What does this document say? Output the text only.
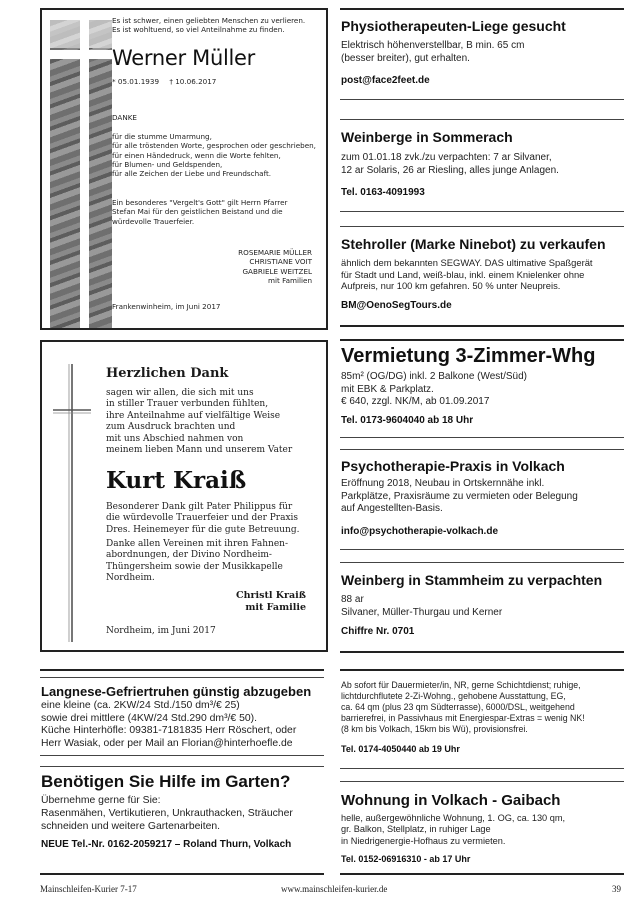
Es ist schwer, einen geliebten Menschen zu verlieren.
Es ist wohltuend, so viel Anteilnahme zu finden.
Werner Müller
* 05.01.1939 † 10.06.2017
DANKE
für die stumme Umarmung,
für alle tröstenden Worte, gesprochen oder geschrieben,
für einen Händedruck, wenn die Worte fehlten,
für Blumen- und Geldspenden,
für alle Zeichen der Liebe und Freundschaft.
Ein besonderes "Vergelt's Gott" gilt Herrn Pfarrer
Stefan Mai für den geistlichen Beistand und die
würdevolle Trauerfeier.
ROSEMARIE MÜLLER
CHRISTIANE VOIT
GABRIELE WEITZEL
mit Familien
Frankenwinheim, im Juni 2017
Herzlichen Dank
sagen wir allen, die sich mit uns
in stiller Trauer verbunden fühlten,
ihre Anteilnahme auf vielfältige Weise
zum Ausdruck brachten und
mit uns Abschied nahmen von
meinem lieben Mann und unserem Vater
Kurt Kraiß
Besonderer Dank gilt Pater Philippus für
die würdevolle Trauerfeier und der Praxis
Dres. Heinemeyer für die gute Betreuung.
Danke allen Vereinen mit ihren Fahnen-
abordnungen, der Divino Nordheim-
Thüngersheim sowie der Musikkapelle
Nordheim.
Christl Kraiß
mit Familie
Nordheim, im Juni 2017
Physiotherapeuten-Liege gesucht
Elektrisch höhenverstellbar, B min. 65 cm
(besser breiter), gut erhalten.
post@face2feet.de
Weinberge in Sommerach
zum 01.01.18 zvk./zu verpachten: 7 ar Silvaner,
12 ar Solaris, 26 ar Riesling, alles junge Anlagen.
Tel. 0163-4091993
Stehroller (Marke Ninebot) zu verkaufen
ähnlich dem bekannten SEGWAY. DAS ultimative Spaßgerät
für Stadt und Land, weiß-blau, inkl. einem Knielenker ohne
Aufpreis, nur 100 km gefahren. 50 % unter Neupreis.
BM@OenoSegTours.de
Vermietung 3-Zimmer-Whg
85m² (OG/DG) inkl. 2 Balkone (West/Süd)
mit EBK & Parkplatz.
€ 640, zzgl. NK/M, ab 01.09.2017
Tel. 0173-9604040 ab 18 Uhr
Psychotherapie-Praxis in Volkach
Eröffnung 2018, Neubau in Ortskernnähe inkl.
Parkplätze, Praxisräume zu vermieten oder Belegung
auf Angestellten-Basis.
info@psychotherapie-volkach.de
Weinberg in Stammheim zu verpachten
88 ar
Silvaner, Müller-Thurgau und Kerner
Chiffre Nr. 0701
Langnese-Gefriertruhen günstig abzugeben
eine kleine (ca. 2KW/24 Std./150 dm³/€ 25)
sowie drei mittlere (4KW/24 Std.290 dm³/€ 50).
Küche Hinterhöfle: 09381-7181835 Herr Röschert, oder
Herr Wasiak, oder per Mail an Florian@hinterhoefle.de
Benötigen Sie Hilfe im Garten?
Übernehme gerne für Sie:
Rasenmähen, Vertikutieren, Unkrauthacken, Sträucher
schneiden und weitere Gartenarbeiten.
NEUE Tel.-Nr. 0162-2059217 – Roland Thurn, Volkach
Ab sofort für Dauermieter/in, NR, gerne Schichtdienst; ruhige,
lichtdurchflutete 2-Zi-Wohng., gehobene Ausstattung, EG,
ca. 64 qm (plus 23 qm Südterrasse), 6000/DSL, weitgehend
barrierefrei, in Passivhaus mit Energiespar-Extras = wenig NK!
(8 km bis Volkach, 15km bis Wü), provisionsfrei.
Tel. 0174-4050440 ab 19 Uhr
Wohnung in Volkach - Gaibach
helle, außergewöhnliche Wohnung, 1. OG, ca. 130 qm,
gr. Balkon, Stellplatz, in ruhiger Lage
in Niedrigenergie-Hofhaus zu vermieten.
Tel. 0152-06916310 - ab 17 Uhr
Mainschleifen-Kurier 7-17	www.mainschleifen-kurier.de	39
